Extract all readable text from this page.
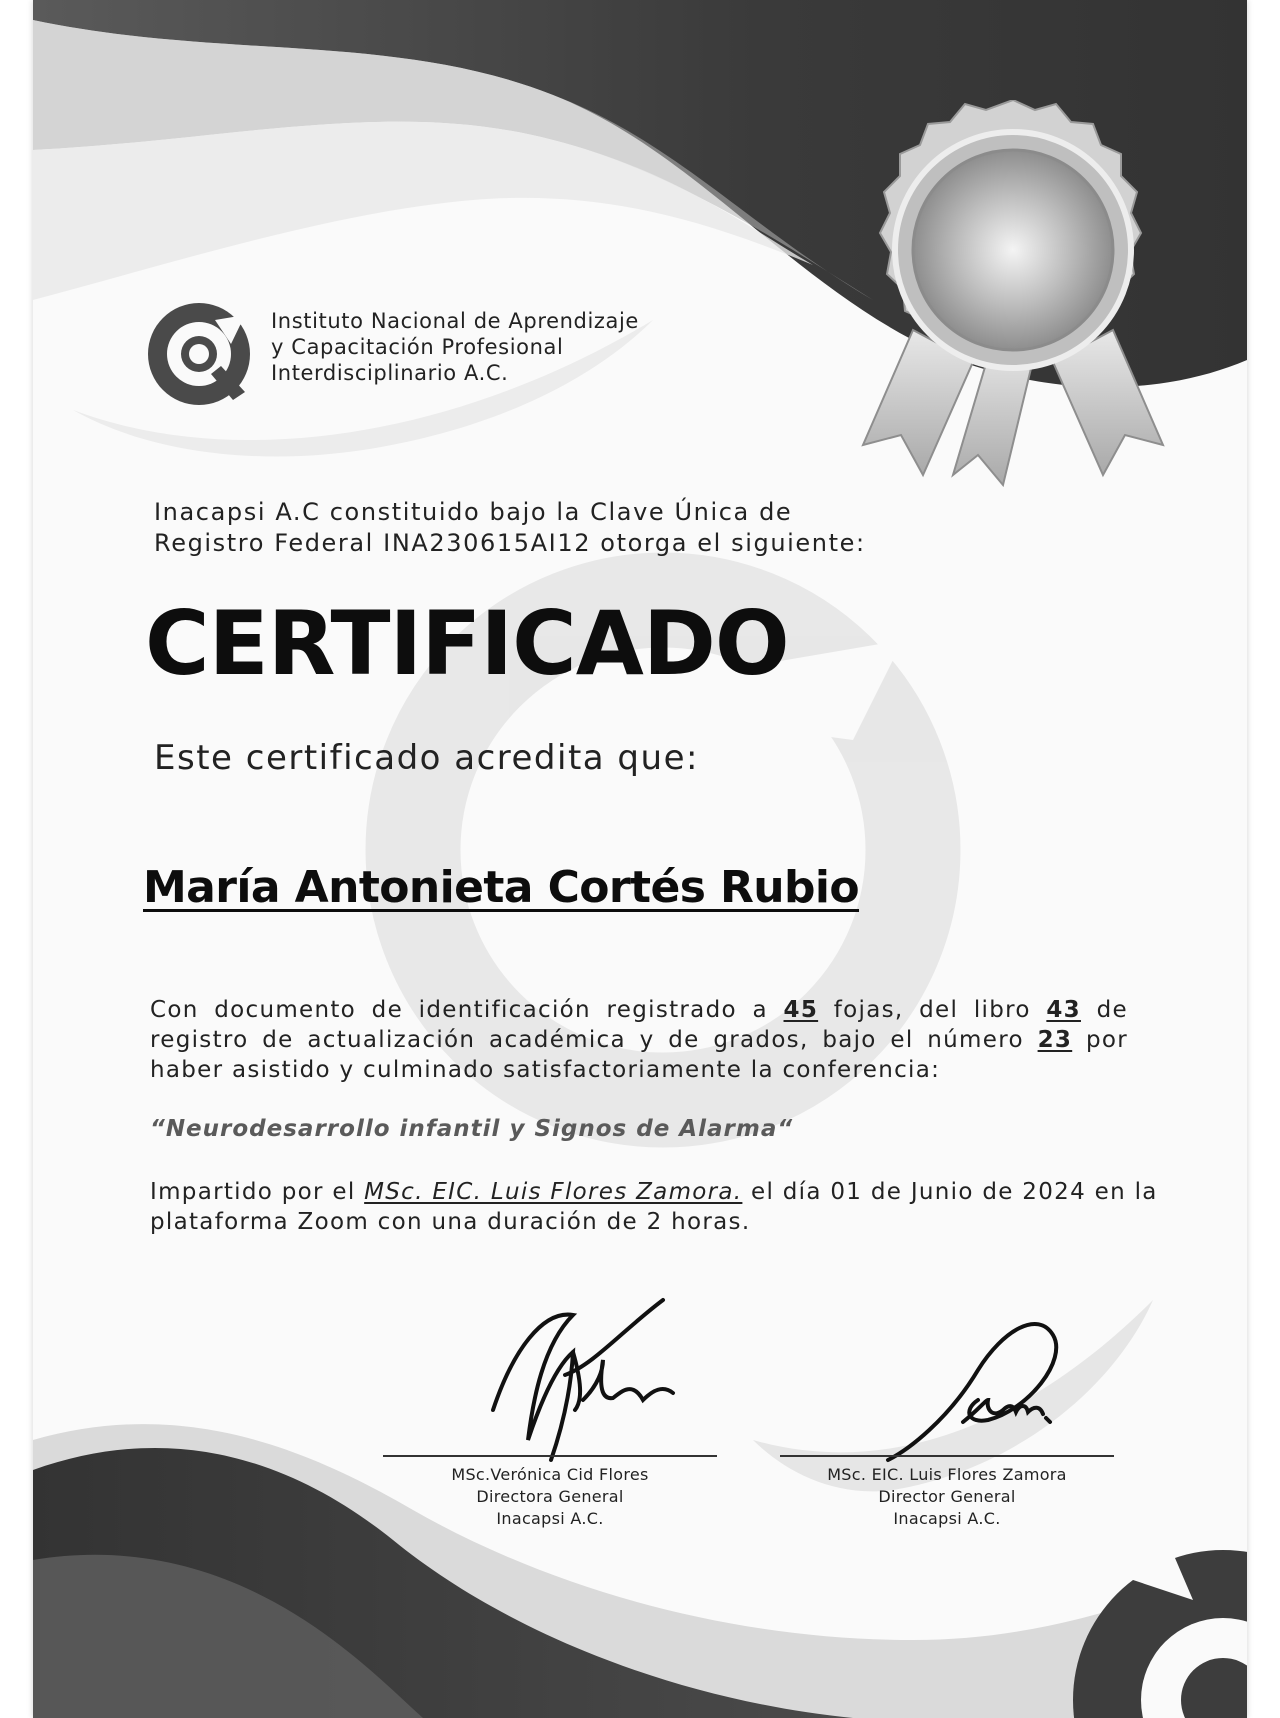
Instituto Nacional de Aprendizaje
y Capacitación Profesional
Interdisciplinario A.C.
Inacapsi A.C constituido bajo la Clave Única de
Registro Federal INA230615AI12 otorga el siguiente:
CERTIFICADO
Este certificado acredita que:
María Antonieta Cortés Rubio
Con documento de identificación registrado a 45 fojas, del libro 43 de
registro de actualización académica y de grados, bajo el número 23 por
haber asistido y culminado satisfactoriamente la conferencia:
“Neurodesarrollo infantil y Signos de Alarma“
Impartido por el MSc. EIC. Luis Flores Zamora. el día 01 de Junio de 2024 en la
plataforma Zoom con una duración de 2 horas.
MSc.Verónica Cid Flores
Directora General
Inacapsi A.C.
MSc. EIC. Luis Flores Zamora
Director General
Inacapsi A.C.
